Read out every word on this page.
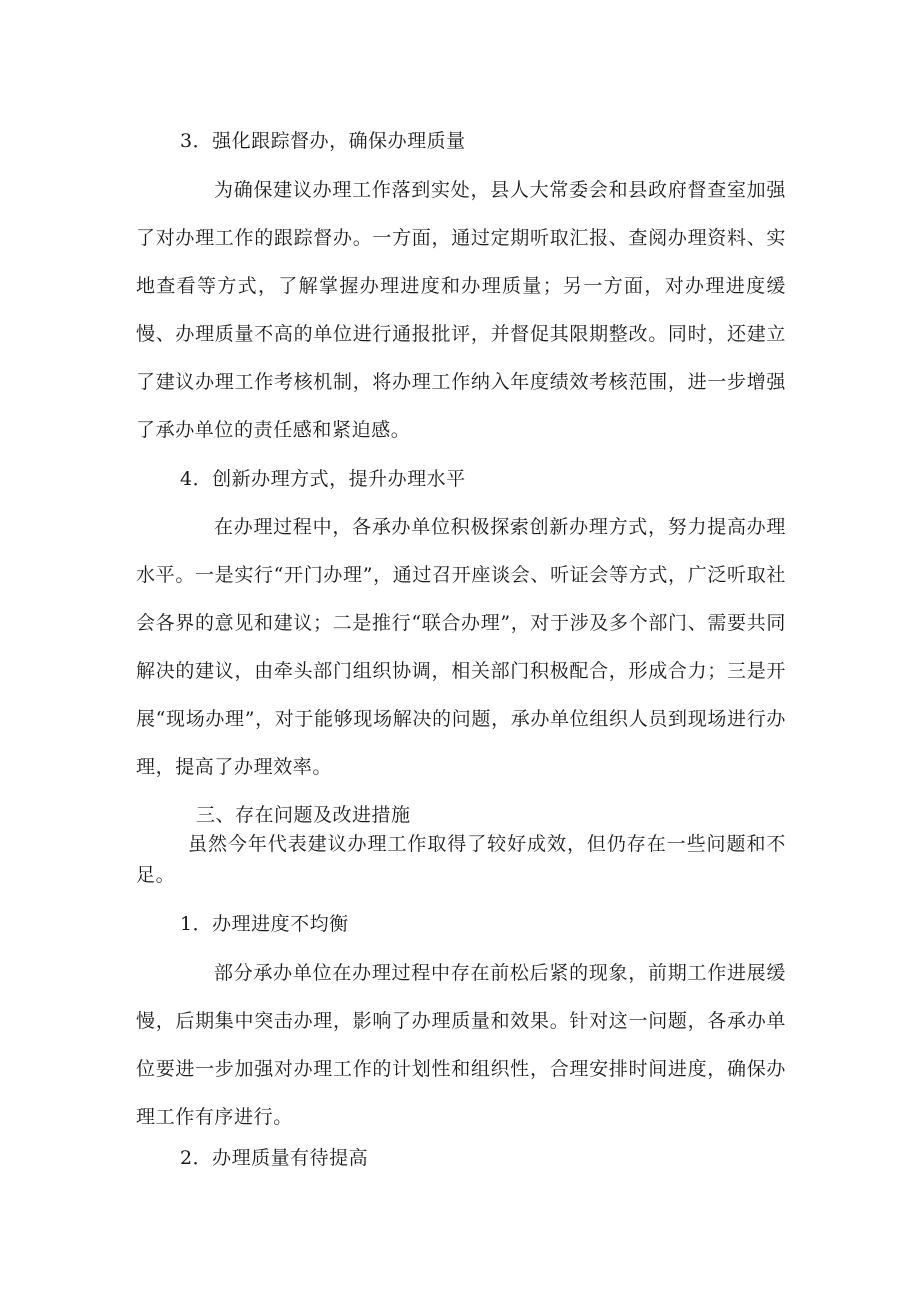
3．强化跟踪督办，确保办理质量

为确保建议办理工作落到实处，县人大常委会和县政府督查室加强了对办理工作的跟踪督办。一方面，通过定期听取汇报、查阅办理资料、实地查看等方式，了解掌握办理进度和办理质量；另一方面，对办理进度缓慢、办理质量不高的单位进行通报批评，并督促其限期整改。同时，还建立了建议办理工作考核机制，将办理工作纳入年度绩效考核范围，进一步增强了承办单位的责任感和紧迫感。

4．创新办理方式，提升办理水平

在办理过程中，各承办单位积极探索创新办理方式，努力提高办理水平。一是实行“开门办理”，通过召开座谈会、听证会等方式，广泛听取社会各界的意见和建议；二是推行“联合办理”，对于涉及多个部门、需要共同解决的建议，由牵头部门组织协调，相关部门积极配合，形成合力；三是开展“现场办理”，对于能够现场解决的问题，承办单位组织人员到现场进行办理，提高了办理效率。

三、存在问题及改进措施

虽然今年代表建议办理工作取得了较好成效，但仍存在一些问题和不足。

1．办理进度不均衡

部分承办单位在办理过程中存在前松后紧的现象，前期工作进展缓慢，后期集中突击办理，影响了办理质量和效果。针对这一问题，各承办单位要进一步加强对办理工作的计划性和组织性，合理安排时间进度，确保办理工作有序进行。

2．办理质量有待提高
